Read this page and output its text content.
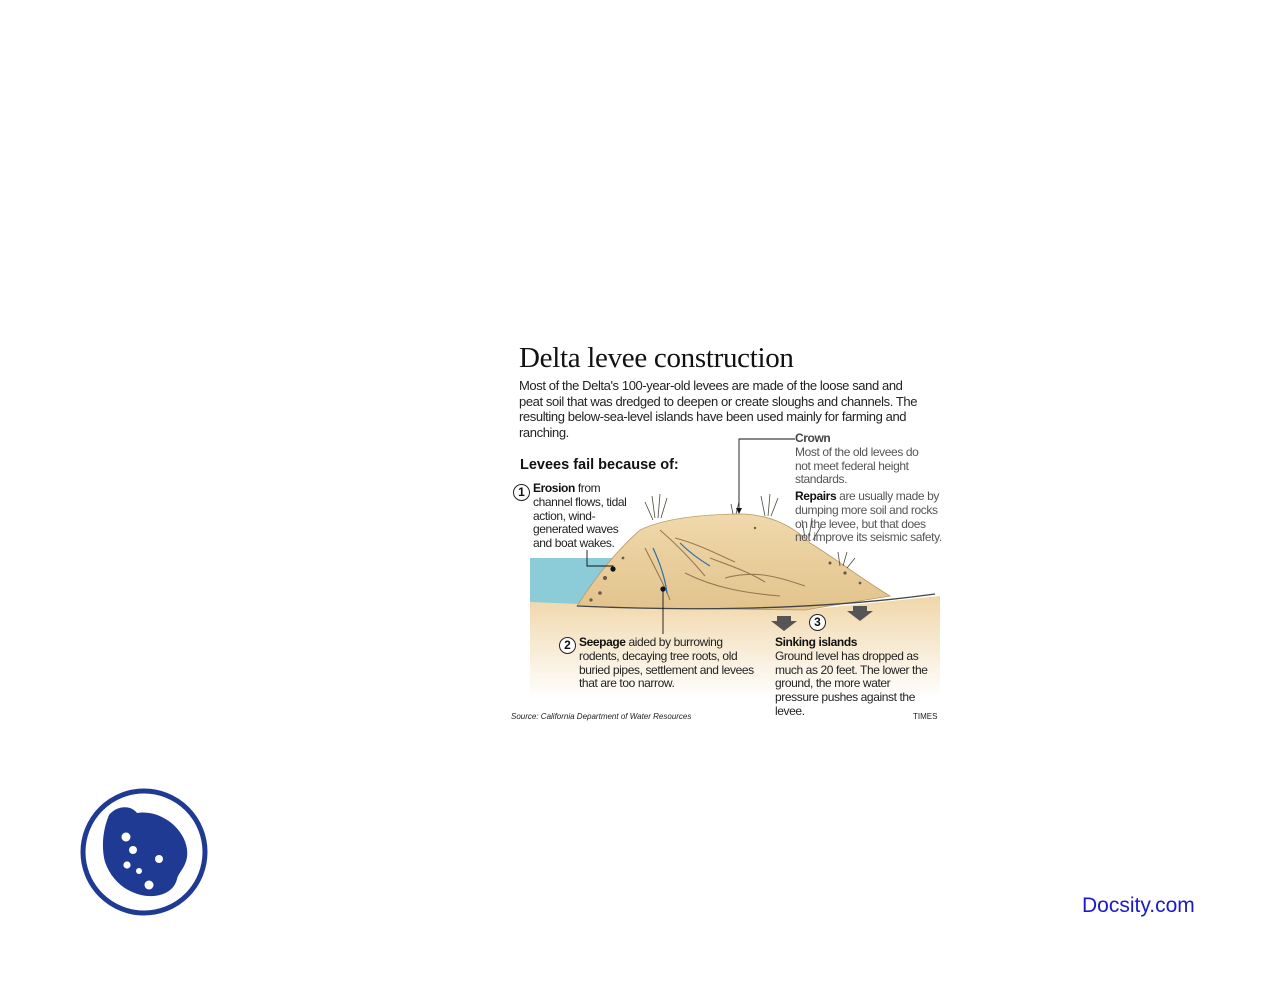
Delta levee construction
Most of the Delta's 100-year-old levees are made of the loose sand and peat soil that was dredged to deepen or create sloughs and channels. The resulting below-sea-level islands have been used mainly for farming and ranching.
Levees fail because of:
1 Erosion from channel flows, tidal action, wind-generated waves and boat wakes.
Crown
Most of the old levees do not meet federal height standards.
Repairs are usually made by dumping more soil and rocks on the levee, but that does not improve its seismic safety.
2 Seepage aided by burrowing rodents, decaying tree roots, old buried pipes, settlement and levees that are too narrow.
3
Sinking islands
Ground level has dropped as much as 20 feet. The lower the ground, the more water pressure pushes against the levee.
Source: California Department of Water Resources	TIMES
Docsity.com
